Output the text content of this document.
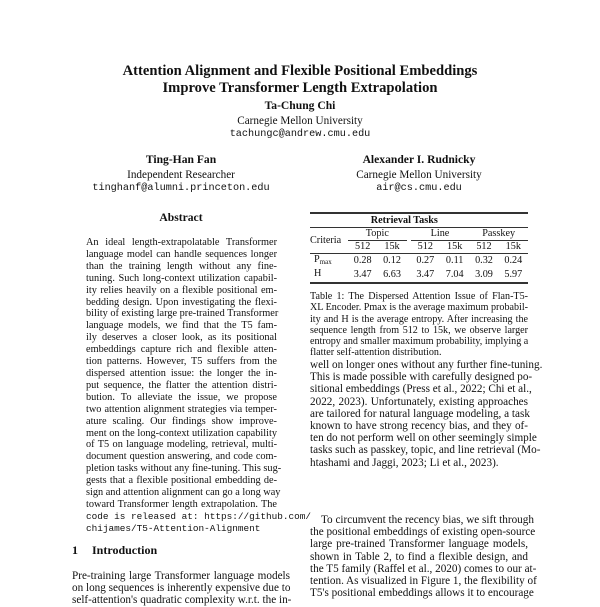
Attention Alignment and Flexible Positional Embeddings
Improve Transformer Length Extrapolation
Ta-Chung Chi
Carnegie Mellon University
tachungc@andrew.cmu.edu
Ting-Han Fan
Independent Researcher
tinghanf@alumni.princeton.edu
Alexander I. Rudnicky
Carnegie Mellon University
air@cs.cmu.edu
Abstract
An ideal length-extrapolatable Transformer
language model can handle sequences longer
than the training length without any fine-
tuning. Such long-context utilization capabil-
ity relies heavily on a flexible positional em-
bedding design. Upon investigating the flexi-
bility of existing large pre-trained Transformer
language models, we find that the T5 fam-
ily deserves a closer look, as its positional
embeddings capture rich and flexible atten-
tion patterns. However, T5 suffers from the
dispersed attention issue: the longer the in-
put sequence, the flatter the attention distri-
bution. To alleviate the issue, we propose
two attention alignment strategies via temper-
ature scaling. Our findings show improve-
ment on the long-context utilization capability
of T5 on language modeling, retrieval, multi-
document question answering, and code com-
pletion tasks without any fine-tuning. This sug-
gests that a flexible positional embedding de-
sign and attention alignment can go a long way
toward Transformer length extrapolation. The
code is released at: https://github.com/
chijames/T5-Attention-Alignment
1 Introduction
Pre-training large Transformer language models
on long sequences is inherently expensive due to
self-attention's quadratic complexity w.r.t. the in-
Retrieval Tasks							
Criteria	Topic			Line		Passkey	
	512	15k		512	15k	512	15k
$P_{max}$	0.28	0.12		0.27	0.11	0.32	0.24
H	3.47	6.63		3.47	7.04	3.09	5.97
Table 1: The Dispersed Attention Issue of Flan-T5-
XL Encoder. Pmax is the average maximum probabil-
ity and H is the average entropy. After increasing the
sequence length from 512 to 15k, we observe larger
entropy and smaller maximum probability, implying a
flatter self-attention distribution.
well on longer ones without any further fine-tuning.
This is made possible with carefully designed po-
sitional embeddings (Press et al., 2022; Chi et al.,
2022, 2023). Unfortunately, existing approaches
are tailored for natural language modeling, a task
known to have strong recency bias, and they of-
ten do not perform well on other seemingly simple
tasks such as passkey, topic, and line retrieval (Mo-
htashami and Jaggi, 2023; Li et al., 2023).
To circumvent the recency bias, we sift through
the positional embeddings of existing open-source
large pre-trained Transformer language models,
shown in Table 2, to find a flexible design, and
the T5 family (Raffel et al., 2020) comes to our at-
tention. As visualized in Figure 1, the flexibility of
T5's positional embeddings allows it to encourage
